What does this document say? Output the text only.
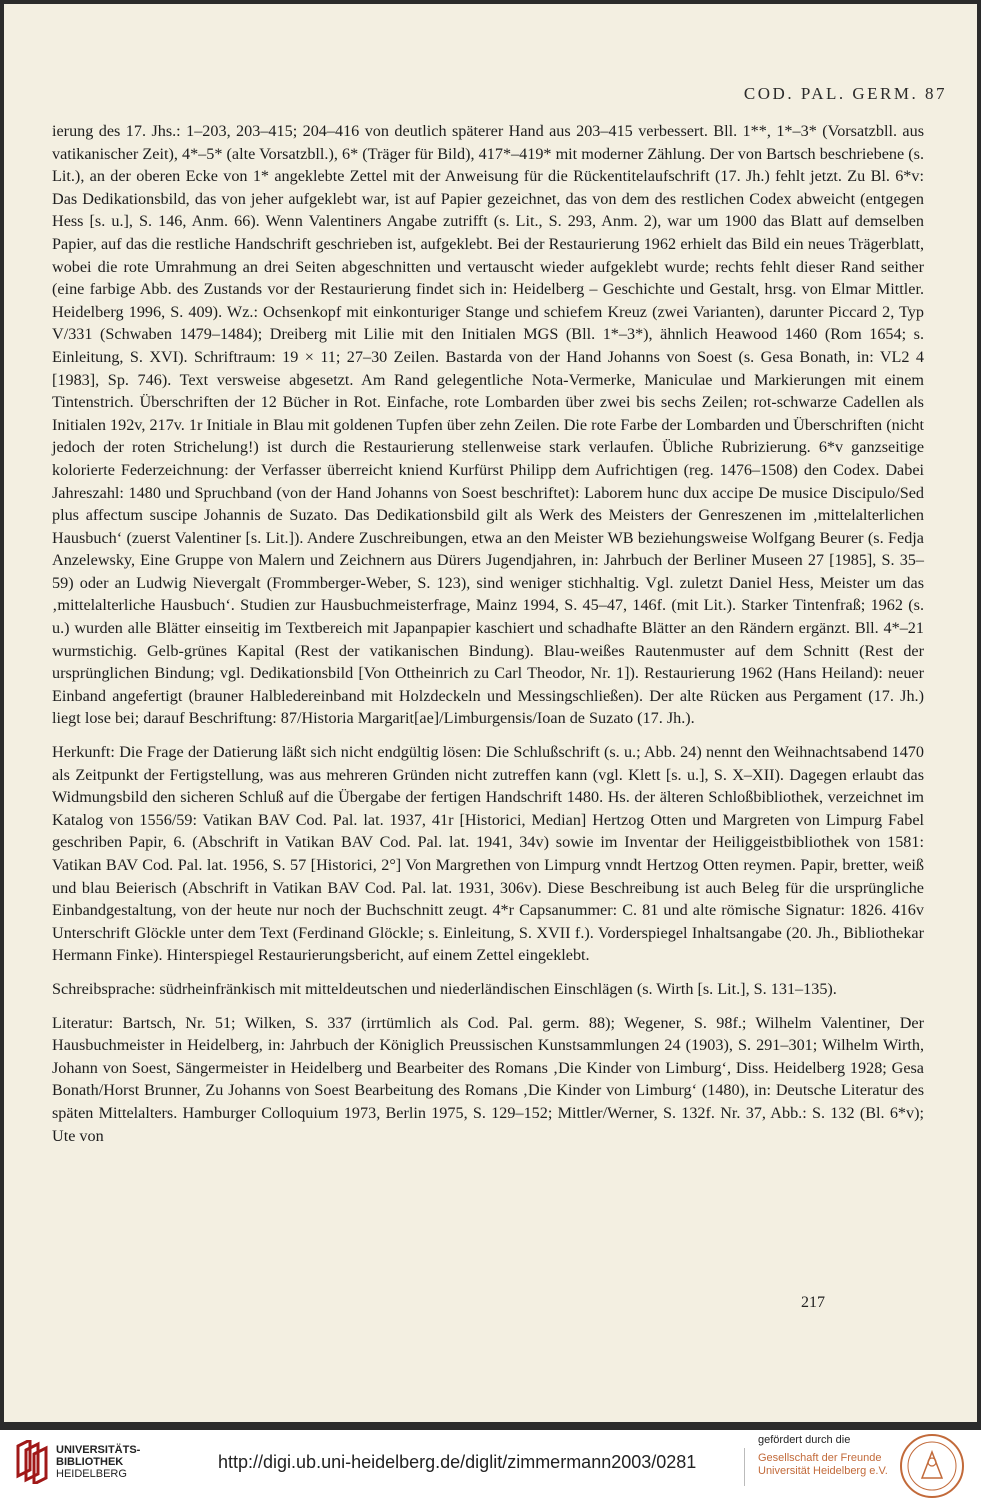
COD. PAL. GERM. 87

ierung des 17. Jhs.: 1–203, 203–415; 204–416 von deutlich späterer Hand aus 203–415 verbessert. Bll. 1**, 1*–3* (Vorsatzbll. aus vatikanischer Zeit), 4*–5* (alte Vorsatzbll.), 6* (Träger für Bild), 417*–419* mit moderner Zählung. Der von Bartsch beschriebene (s. Lit.), an der oberen Ecke von 1* angeklebte Zettel mit der Anweisung für die Rückentitelaufschrift (17. Jh.) fehlt jetzt. Zu Bl. 6*v: Das Dedikationsbild, das von jeher aufgeklebt war, ist auf Papier gezeichnet, das von dem des restlichen Codex abweicht (entgegen Hess [s. u.], S. 146, Anm. 66). Wenn Valentiners Angabe zutrifft (s. Lit., S. 293, Anm. 2), war um 1900 das Blatt auf demselben Papier, auf das die restliche Handschrift geschrieben ist, aufgeklebt. Bei der Restaurierung 1962 erhielt das Bild ein neues Trägerblatt, wobei die rote Umrahmung an drei Seiten abgeschnitten und vertauscht wieder aufgeklebt wurde; rechts fehlt dieser Rand seither (eine farbige Abb. des Zustands vor der Restaurierung findet sich in: Heidelberg – Geschichte und Gestalt, hrsg. von Elmar Mittler. Heidelberg 1996, S. 409). Wz.: Ochsenkopf mit einkonturiger Stange und schiefem Kreuz (zwei Varianten), darunter Piccard 2, Typ V/331 (Schwaben 1479–1484); Dreiberg mit Lilie mit den Initialen MGS (Bll. 1*–3*), ähnlich Heawood 1460 (Rom 1654; s. Einleitung, S. XVI). Schriftraum: 19 × 11; 27–30 Zeilen. Bastarda von der Hand Johanns von Soest (s. Gesa Bonath, in: VL2 4 [1983], Sp. 746). Text versweise abgesetzt. Am Rand gelegentliche Nota-Vermerke, Maniculae und Markierungen mit einem Tintenstrich. Überschriften der 12 Bücher in Rot. Einfache, rote Lombarden über zwei bis sechs Zeilen; rot-schwarze Cadellen als Initialen 192v, 217v. 1r Initiale in Blau mit goldenen Tupfen über zehn Zeilen. Die rote Farbe der Lombarden und Überschriften (nicht jedoch der roten Strichelung!) ist durch die Restaurierung stellenweise stark verlaufen. Übliche Rubrizierung. 6*v ganzseitige kolorierte Federzeichnung: der Verfasser überreicht kniend Kurfürst Philipp dem Aufrichtigen (reg. 1476–1508) den Codex. Dabei Jahreszahl: 1480 und Spruchband (von der Hand Johanns von Soest beschriftet): Laborem hunc dux accipe De musice Discipulo/Sed plus affectum suscipe Johannis de Suzato. Das Dedikationsbild gilt als Werk des Meisters der Genreszenen im ‚mittelalterlichen Hausbuch‘ (zuerst Valentiner [s. Lit.]). Andere Zuschreibungen, etwa an den Meister WB beziehungsweise Wolfgang Beurer (s. Fedja Anzelewsky, Eine Gruppe von Malern und Zeichnern aus Dürers Jugendjahren, in: Jahrbuch der Berliner Museen 27 [1985], S. 35–59) oder an Ludwig Nievergalt (Frommberger-Weber, S. 123), sind weniger stichhaltig. Vgl. zuletzt Daniel Hess, Meister um das ‚mittelalterliche Hausbuch‘. Studien zur Hausbuchmeisterfrage, Mainz 1994, S. 45–47, 146f. (mit Lit.). Starker Tintenfraß; 1962 (s. u.) wurden alle Blätter einseitig im Textbereich mit Japanpapier kaschiert und schadhafte Blätter an den Rändern ergänzt. Bll. 4*–21 wurmstichig. Gelb-grünes Kapital (Rest der vatikanischen Bindung). Blau-weißes Rautenmuster auf dem Schnitt (Rest der ursprünglichen Bindung; vgl. Dedikationsbild [Von Ottheinrich zu Carl Theodor, Nr. 1]). Restaurierung 1962 (Hans Heiland): neuer Einband angefertigt (brauner Halbledereinband mit Holzdeckeln und Messingschließen). Der alte Rücken aus Pergament (17. Jh.) liegt lose bei; darauf Beschriftung: 87/Historia Margarit[ae]/Limburgensis/Ioan de Suzato (17. Jh.).

Herkunft: Die Frage der Datierung läßt sich nicht endgültig lösen: Die Schlußschrift (s. u.; Abb. 24) nennt den Weihnachtsabend 1470 als Zeitpunkt der Fertigstellung, was aus mehreren Gründen nicht zutreffen kann (vgl. Klett [s. u.], S. X–XII). Dagegen erlaubt das Widmungsbild den sicheren Schluß auf die Übergabe der fertigen Handschrift 1480. Hs. der älteren Schloßbibliothek, verzeichnet im Katalog von 1556/59: Vatikan BAV Cod. Pal. lat. 1937, 41r [Historici, Median] Hertzog Otten und Margreten von Limpurg Fabel geschriben Papir, 6. (Abschrift in Vatikan BAV Cod. Pal. lat. 1941, 34v) sowie im Inventar der Heiliggeistbibliothek von 1581: Vatikan BAV Cod. Pal. lat. 1956, S. 57 [Historici, 2°] Von Margrethen von Limpurg vnndt Hertzog Otten reymen. Papir, bretter, weiß und blau Beierisch (Abschrift in Vatikan BAV Cod. Pal. lat. 1931, 306v). Diese Beschreibung ist auch Beleg für die ursprüngliche Einbandgestaltung, von der heute nur noch der Buchschnitt zeugt. 4*r Capsanummer: C. 81 und alte römische Signatur: 1826. 416v Unterschrift Glöckle unter dem Text (Ferdinand Glöckle; s. Einleitung, S. XVII f.). Vorderspiegel Inhaltsangabe (20. Jh., Bibliothekar Hermann Finke). Hinterspiegel Restaurierungsbericht, auf einem Zettel eingeklebt.

Schreibsprache: südrheinfränkisch mit mitteldeutschen und niederländischen Einschlägen (s. Wirth [s. Lit.], S. 131–135).

Literatur: Bartsch, Nr. 51; Wilken, S. 337 (irrtümlich als Cod. Pal. germ. 88); Wegener, S. 98f.; Wilhelm Valentiner, Der Hausbuchmeister in Heidelberg, in: Jahrbuch der Königlich Preussischen Kunstsammlungen 24 (1903), S. 291–301; Wilhelm Wirth, Johann von Soest, Sängermeister in Heidelberg und Bearbeiter des Romans ‚Die Kinder von Limburg‘, Diss. Heidelberg 1928; Gesa Bonath/Horst Brunner, Zu Johanns von Soest Bearbeitung des Romans ‚Die Kinder von Limburg‘ (1480), in: Deutsche Literatur des späten Mittelalters. Hamburger Colloquium 1973, Berlin 1975, S. 129–152; Mittler/Werner, S. 132f. Nr. 37, Abb.: S. 132 (Bl. 6*v); Ute von

217
UNIVERSITÄTS-
BIBLIOTHEK
HEIDELBERG
http://digi.ub.uni-heidelberg.de/diglit/zimmermann2003/0281
gefördert durch die
Gesellschaft der Freunde
Universität Heidelberg e.V.
